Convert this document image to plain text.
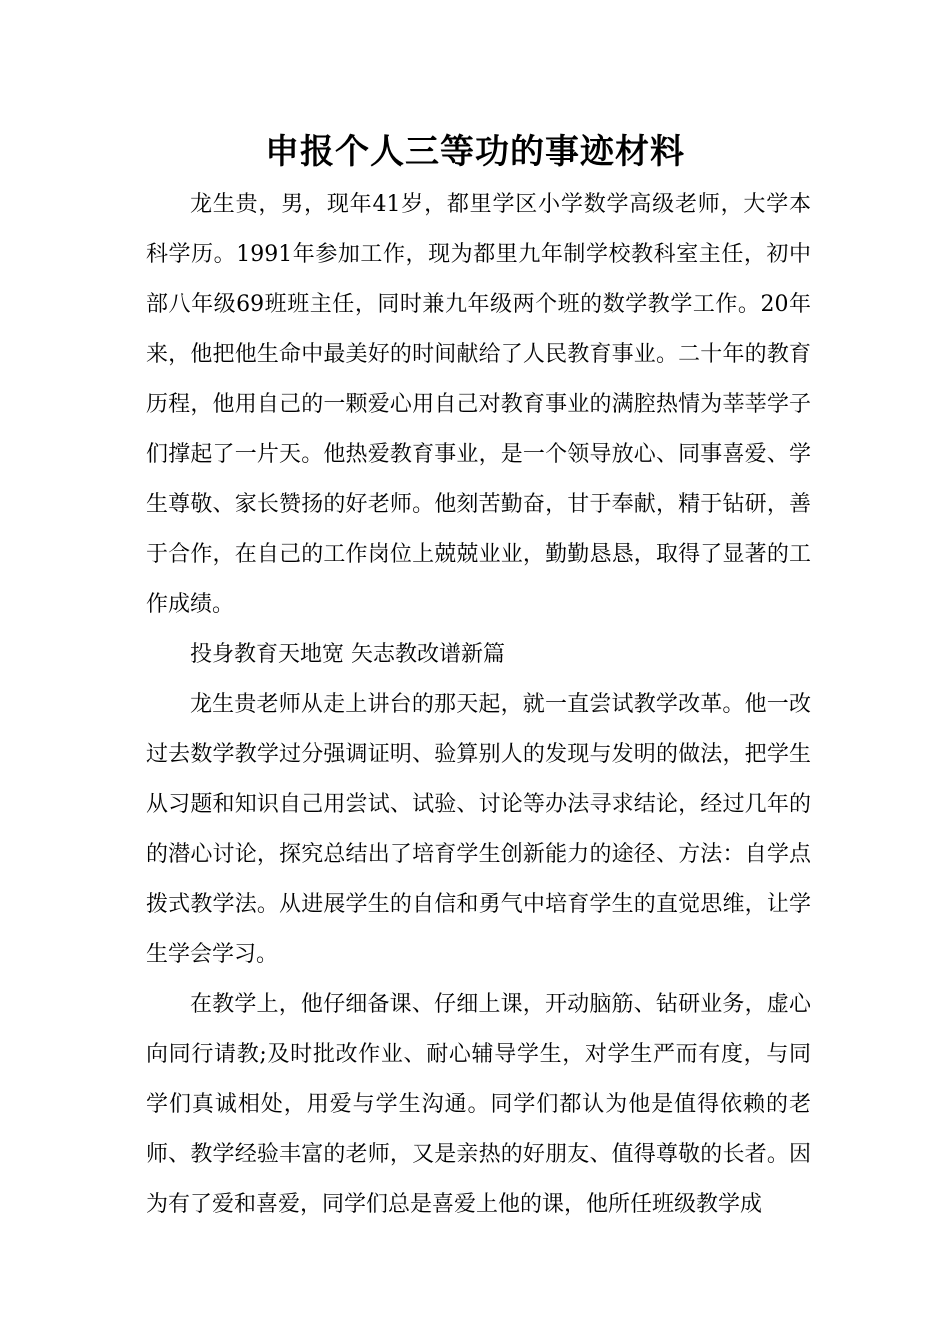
申报个人三等功的事迹材料

龙生贵，男，现年41岁，都里学区小学数学高级老师，大学本科学历。1991年参加工作，现为都里九年制学校教科室主任，初中部八年级69班班主任，同时兼九年级两个班的数学教学工作。20年来，他把他生命中最美好的时间献给了人民教育事业。二十年的教育历程，他用自己的一颗爱心用自己对教育事业的满腔热情为莘莘学子们撑起了一片天。他热爱教育事业，是一个领导放心、同事喜爱、学生尊敬、家长赞扬的好老师。他刻苦勤奋，甘于奉献，精于钻研，善于合作，在自己的工作岗位上兢兢业业，勤勤恳恳，取得了显著的工作成绩。

投身教育天地宽 矢志教改谱新篇

龙生贵老师从走上讲台的那天起，就一直尝试教学改革。他一改过去数学教学过分强调证明、验算别人的发现与发明的做法，把学生从习题和知识自己用尝试、试验、讨论等办法寻求结论，经过几年的的潜心讨论，探究总结出了培育学生创新能力的途径、方法：自学点拨式教学法。从进展学生的自信和勇气中培育学生的直觉思维，让学生学会学习。

在教学上，他仔细备课、仔细上课，开动脑筋、钻研业务，虚心向同行请教;及时批改作业、耐心辅导学生，对学生严而有度，与同学们真诚相处，用爱与学生沟通。同学们都认为他是值得依赖的老师、教学经验丰富的老师，又是亲热的好朋友、值得尊敬的长者。因为有了爱和喜爱，同学们总是喜爱上他的课，他所任班级教学成
